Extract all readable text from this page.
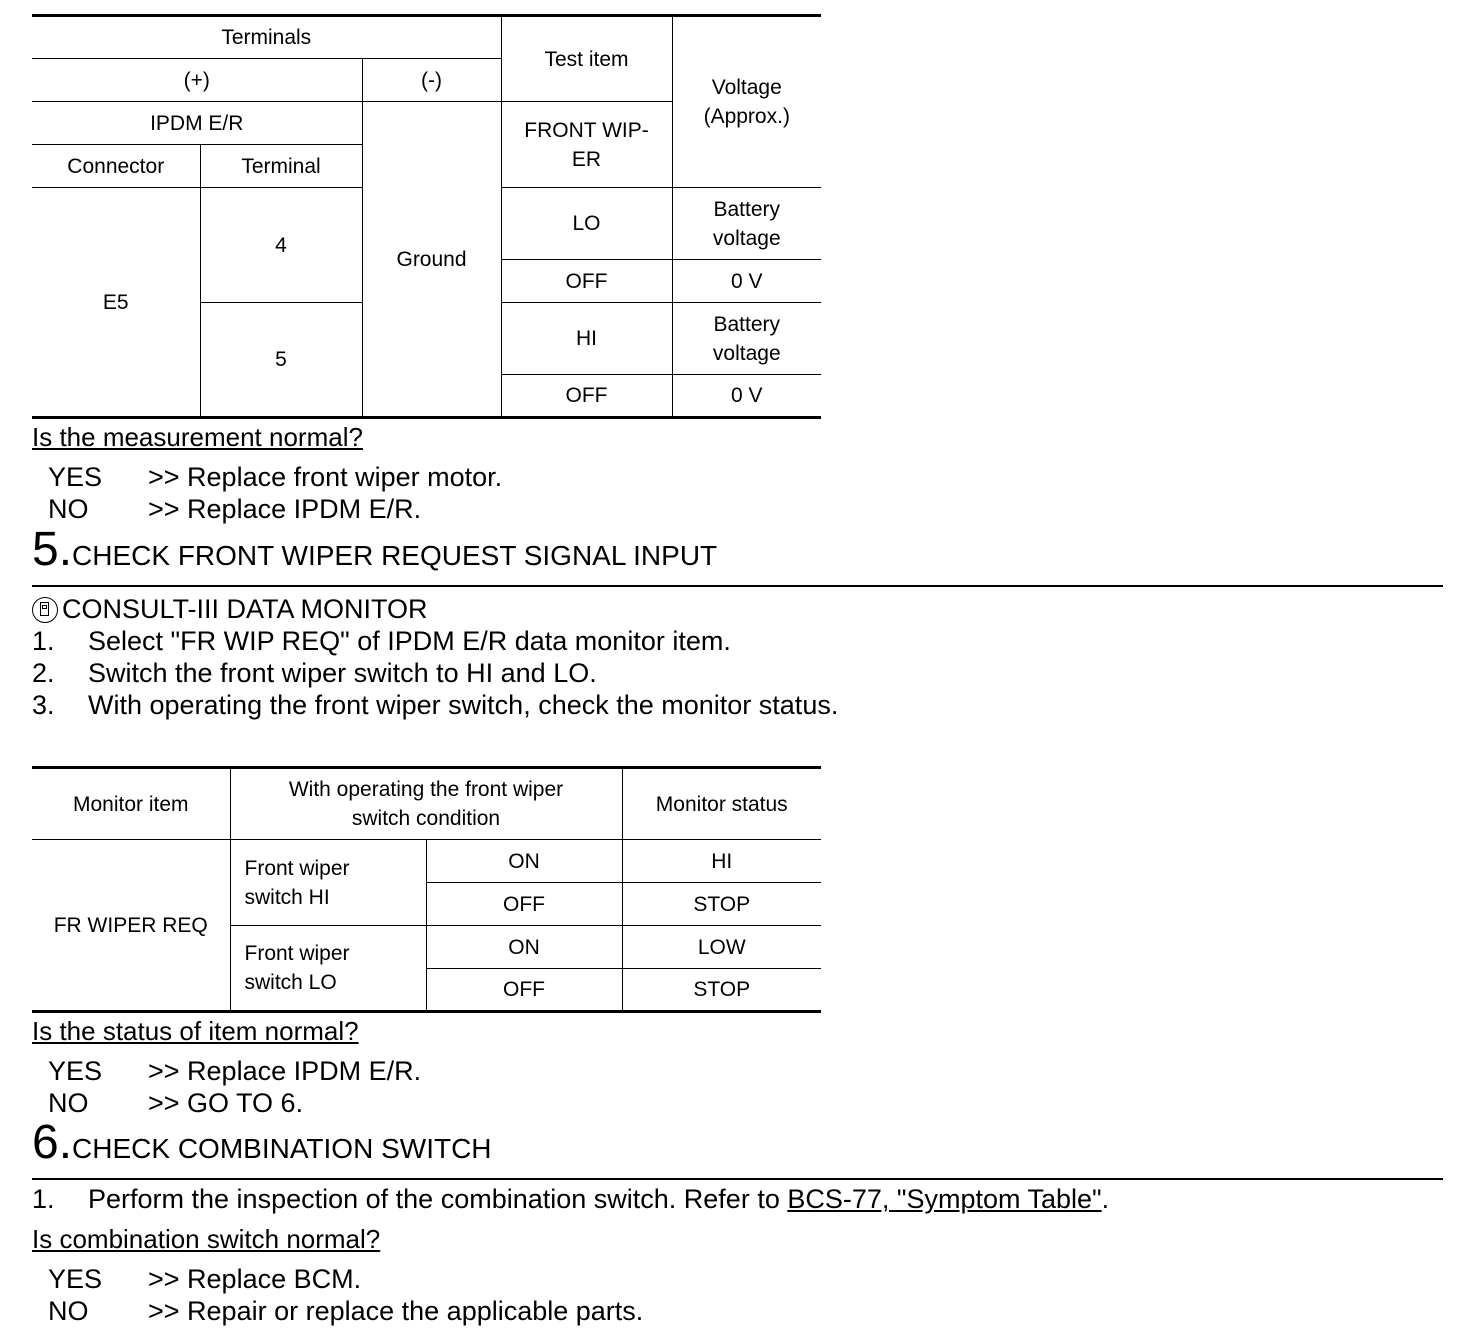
Terminals			Test item	Voltage
(Approx.)
(+)		(-)		
IPDM E/R		Ground	FRONT WIP-
ER	
Connector	Terminal			
E5	4		LO	Battery
voltage
			OFF	0 V
	5		HI	Battery
voltage
			OFF	0 V
Is the measurement normal?
YES >> Replace front wiper motor.
NO >> Replace IPDM E/R.
5.CHECK FRONT WIPER REQUEST SIGNAL INPUT
CONSULT-III DATA MONITOR
1. Select "FR WIP REQ" of IPDM E/R data monitor item.
2. Switch the front wiper switch to HI and LO.
3. With operating the front wiper switch, check the monitor status.
Monitor item	With operating the front wiper
switch condition		Monitor status
FR WIPER REQ	Front wiper
switch HI	ON	HI
		OFF	STOP
	Front wiper
switch LO	ON	LOW
		OFF	STOP
Is the status of item normal?
YES >> Replace IPDM E/R.
NO >> GO TO 6.
6.CHECK COMBINATION SWITCH
1. Perform the inspection of the combination switch. Refer to BCS-77, "Symptom Table".
Is combination switch normal?
YES >> Replace BCM.
NO >> Repair or replace the applicable parts.
